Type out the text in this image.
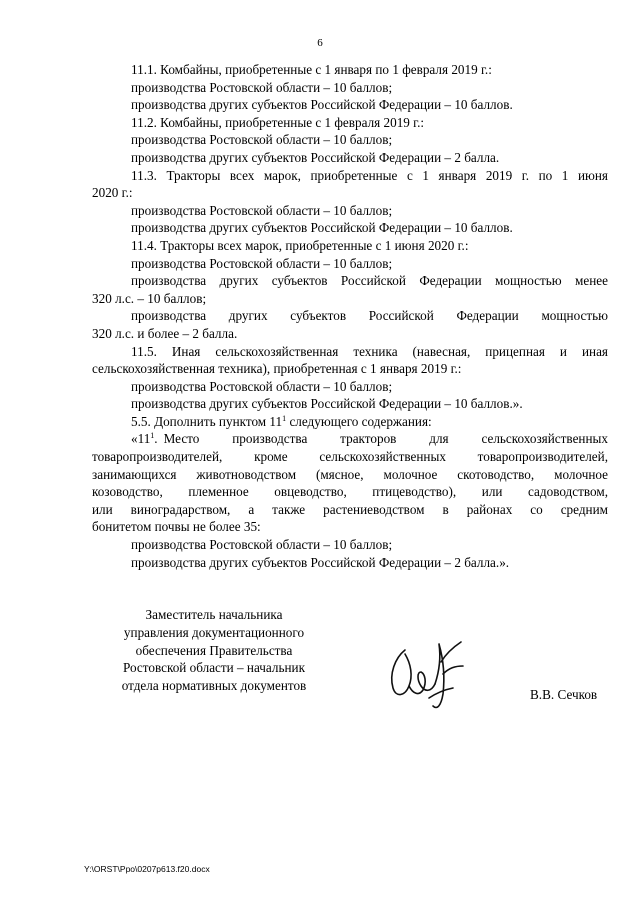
6
11.1. Комбайны, приобретенные с 1 января по 1 февраля 2019 г.:
производства Ростовской области – 10 баллов;
производства других субъектов Российской Федерации – 10 баллов.
11.2. Комбайны, приобретенные с 1 февраля 2019 г.:
производства Ростовской области – 10 баллов;
производства других субъектов Российской Федерации – 2 балла.
11.3. Тракторы всех марок, приобретенные с 1 января 2019 г. по 1 июня
2020 г.:
производства Ростовской области – 10 баллов;
производства других субъектов Российской Федерации – 10 баллов.
11.4. Тракторы всех марок, приобретенные с 1 июня 2020 г.:
производства Ростовской области – 10 баллов;
производства других субъектов Российской Федерации мощностью менее
320 л.с. – 10 баллов;
производства других субъектов Российской Федерации мощностью
320 л.с. и более – 2 балла.
11.5. Иная сельскохозяйственная техника (навесная, прицепная и иная
сельскохозяйственная техника), приобретенная с 1 января 2019 г.:
производства Ростовской области – 10 баллов;
производства других субъектов Российской Федерации – 10 баллов.».
5.5. Дополнить пунктом $11^1$ следующего содержания:
«$11^1$. Место производства тракторов для сельскохозяйственных
товаропроизводителей, кроме сельскохозяйственных товаропроизводителей,
занимающихся животноводством (мясное, молочное скотоводство, молочное
козоводство, племенное овцеводство, птицеводство), или садоводством,
или виноградарством, а также растениеводством в районах со средним
бонитетом почвы не более 35:
производства Ростовской области – 10 баллов;
производства других субъектов Российской Федерации – 2 балла.».
Заместитель начальника
управления документационного
обеспечения Правительства
Ростовской области – начальник
отдела нормативных документов
В.В. Сечков
Y:\ORST\Ppo\0207p613.f20.docx
